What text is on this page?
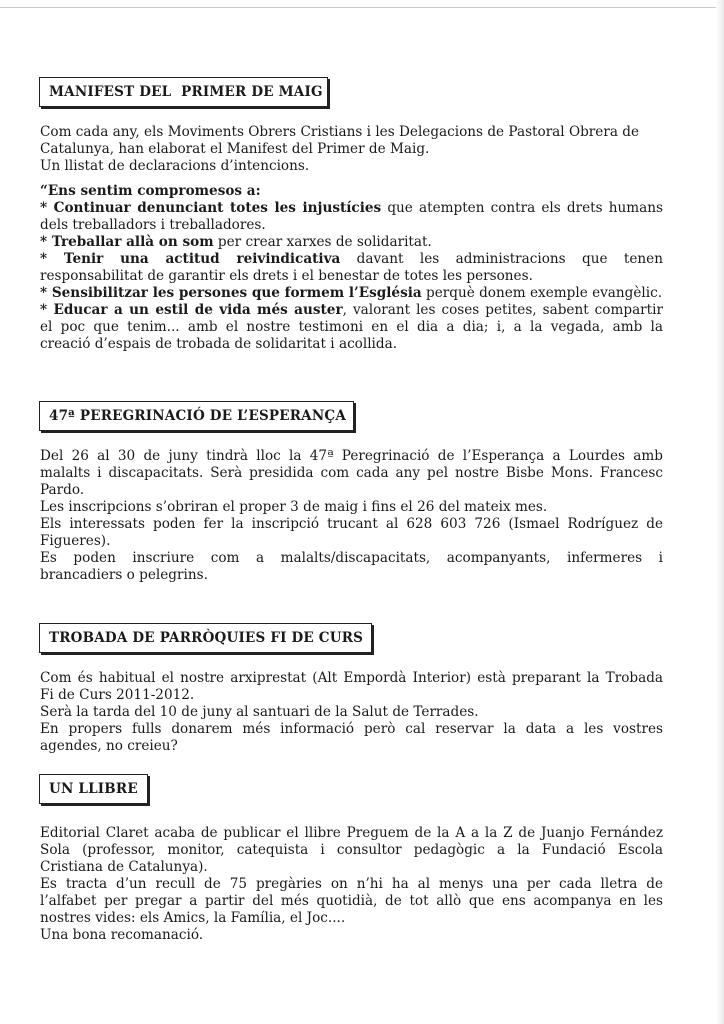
MANIFEST DEL  PRIMER DE MAIG

Com cada any, els Moviments Obrers Cristians i les Delegacions de Pastoral Obrera de

Catalunya, han elaborat el Manifest del Primer de Maig.

Un llistat de declaracions d’intencions.

“Ens sentim compromesos a:

* Continuar denunciant totes les injustícies que atempten contra els drets humans

dels treballadors i treballadores.

* Treballar allà on som per crear xarxes de solidaritat.

* Tenir una actitud reivindicativa davant les administracions que tenen

responsabilitat de garantir els drets i el benestar de totes les persones.

* Sensibilitzar les persones que formem l’Església perquè donem exemple evangèlic.

* Educar a un estil de vida més auster, valorant les coses petites, sabent compartir

el poc que tenim... amb el nostre testimoni en el dia a dia; i, a la vegada, amb la

creació d’espais de trobada de solidaritat i acollida.

47ª PEREGRINACIÓ DE L’ESPERANÇA

Del 26 al 30 de juny tindrà lloc la 47ª Peregrinació de l’Esperança a Lourdes amb

malalts i discapacitats. Serà presidida com cada any pel nostre Bisbe Mons. Francesc

Pardo.

Les inscripcions s’obriran el proper 3 de maig i fins el 26 del mateix mes.

Els interessats poden fer la inscripció trucant al 628 603 726 (Ismael Rodríguez de

Figueres).

Es poden inscriure com a malalts/discapacitats, acompanyants, infermeres i

brancadiers o pelegrins.

TROBADA DE PARRÒQUIES FI DE CURS

Com és habitual el nostre arxiprestat (Alt Empordà Interior) està preparant la Trobada

Fi de Curs 2011-2012.

Serà la tarda del 10 de juny al santuari de la Salut de Terrades.

En propers fulls donarem més informació però cal reservar la data a les vostres

agendes, no creieu?

UN LLIBRE

Editorial Claret acaba de publicar el llibre Preguem de la A a la Z de Juanjo Fernández

Sola (professor, monitor, catequista i consultor pedagògic a la Fundació Escola

Cristiana de Catalunya).

Es tracta d’un recull de 75 pregàries on n’hi ha al menys una per cada lletra de

l’alfabet per pregar a partir del més quotidià, de tot allò que ens acompanya en les

nostres vides: els Amics, la Família, el Joc....

Una bona recomanació.
